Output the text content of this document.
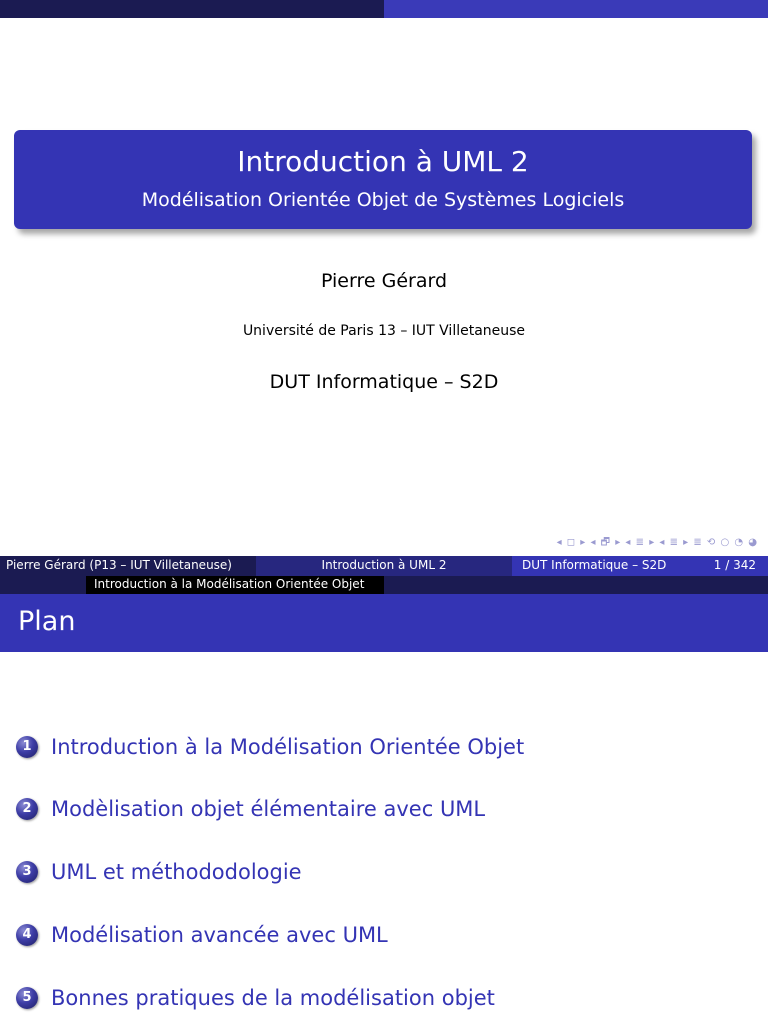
Introduction à UML 2
Modélisation Orientée Objet de Systèmes Logiciels
Pierre Gérard
Université de Paris 13 – IUT Villetaneuse
DUT Informatique – S2D
◂ ◻ ▸ ◂ 🗗 ▸ ◂ ≣ ▸ ◂ ≣ ▸ ≣ ⟲ ○ ◔ ◕
Pierre Gérard (P13 – IUT Villetaneuse)	Introduction à UML 2	DUT Informatique – S2D	1 / 342
Introduction à la Modélisation Orientée Objet
Plan
1 Introduction à la Modélisation Orientée Objet
2 Modèlisation objet élémentaire avec UML
3 UML et méthododologie
4 Modélisation avancée avec UML
5 Bonnes pratiques de la modélisation objet
